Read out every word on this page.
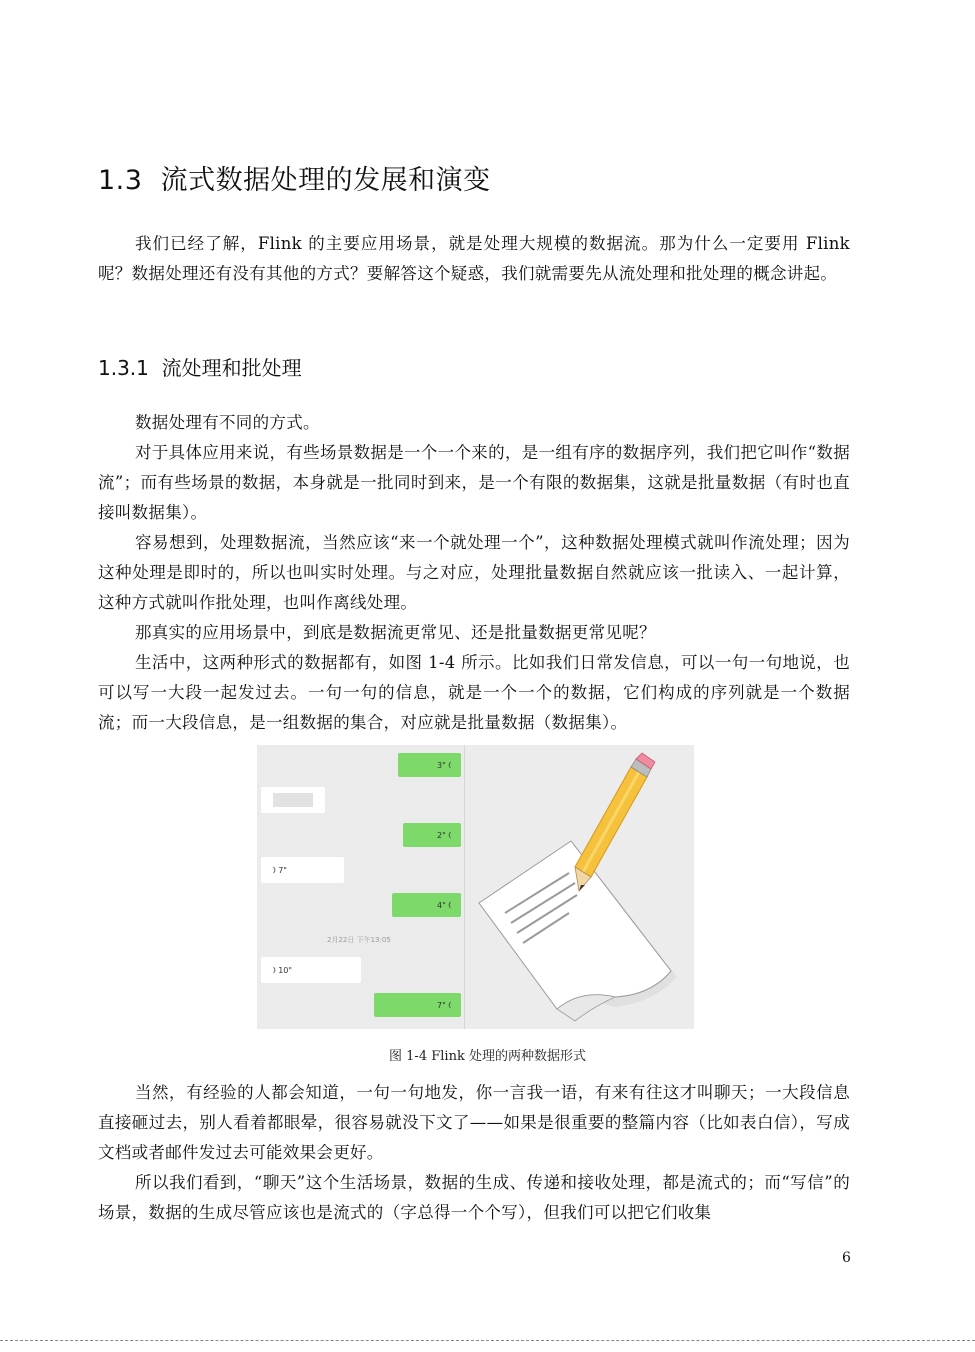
1.3 流式数据处理的发展和演变

我们已经了解，Flink 的主要应用场景，就是处理大规模的数据流。那为什么一定要用 Flink 呢？数据处理还有没有其他的方式？要解答这个疑惑，我们就需要先从流处理和批处理的概念讲起。

1.3.1 流处理和批处理

数据处理有不同的方式。

对于具体应用来说，有些场景数据是一个一个来的，是一组有序的数据序列，我们把它叫作“数据流”；而有些场景的数据，本身就是一批同时到来，是一个有限的数据集，这就是批量数据（有时也直接叫数据集）。

容易想到，处理数据流，当然应该“来一个就处理一个”，这种数据处理模式就叫作流处理；因为这种处理是即时的，所以也叫实时处理。与之对应，处理批量数据自然就应该一批读入、一起计算，这种方式就叫作批处理，也叫作离线处理。

那真实的应用场景中，到底是数据流更常见、还是批量数据更常见呢？

生活中，这两种形式的数据都有，如图 1-4 所示。比如我们日常发信息，可以一句一句地说，也可以写一大段一起发过去。一句一句的信息，就是一个一个的数据，它们构成的序列就是一个数据流；而一大段信息，是一组数据的集合，对应就是批量数据（数据集）。

3"
⦅
2"
⦅
⦆
7"
4"
⦅
2月22日 下午13:05
⦆
10"
7"
⦅
图 1-4 Flink 处理的两种数据形式

当然，有经验的人都会知道，一句一句地发，你一言我一语，有来有往这才叫聊天；一大段信息直接砸过去，别人看着都眼晕，很容易就没下文了——如果是很重要的整篇内容（比如表白信），写成文档或者邮件发过去可能效果会更好。

所以我们看到，“聊天”这个生活场景，数据的生成、传递和接收处理，都是流式的；而“写信”的场景，数据的生成尽管应该也是流式的（字总得一个个写），但我们可以把它们收集

6
